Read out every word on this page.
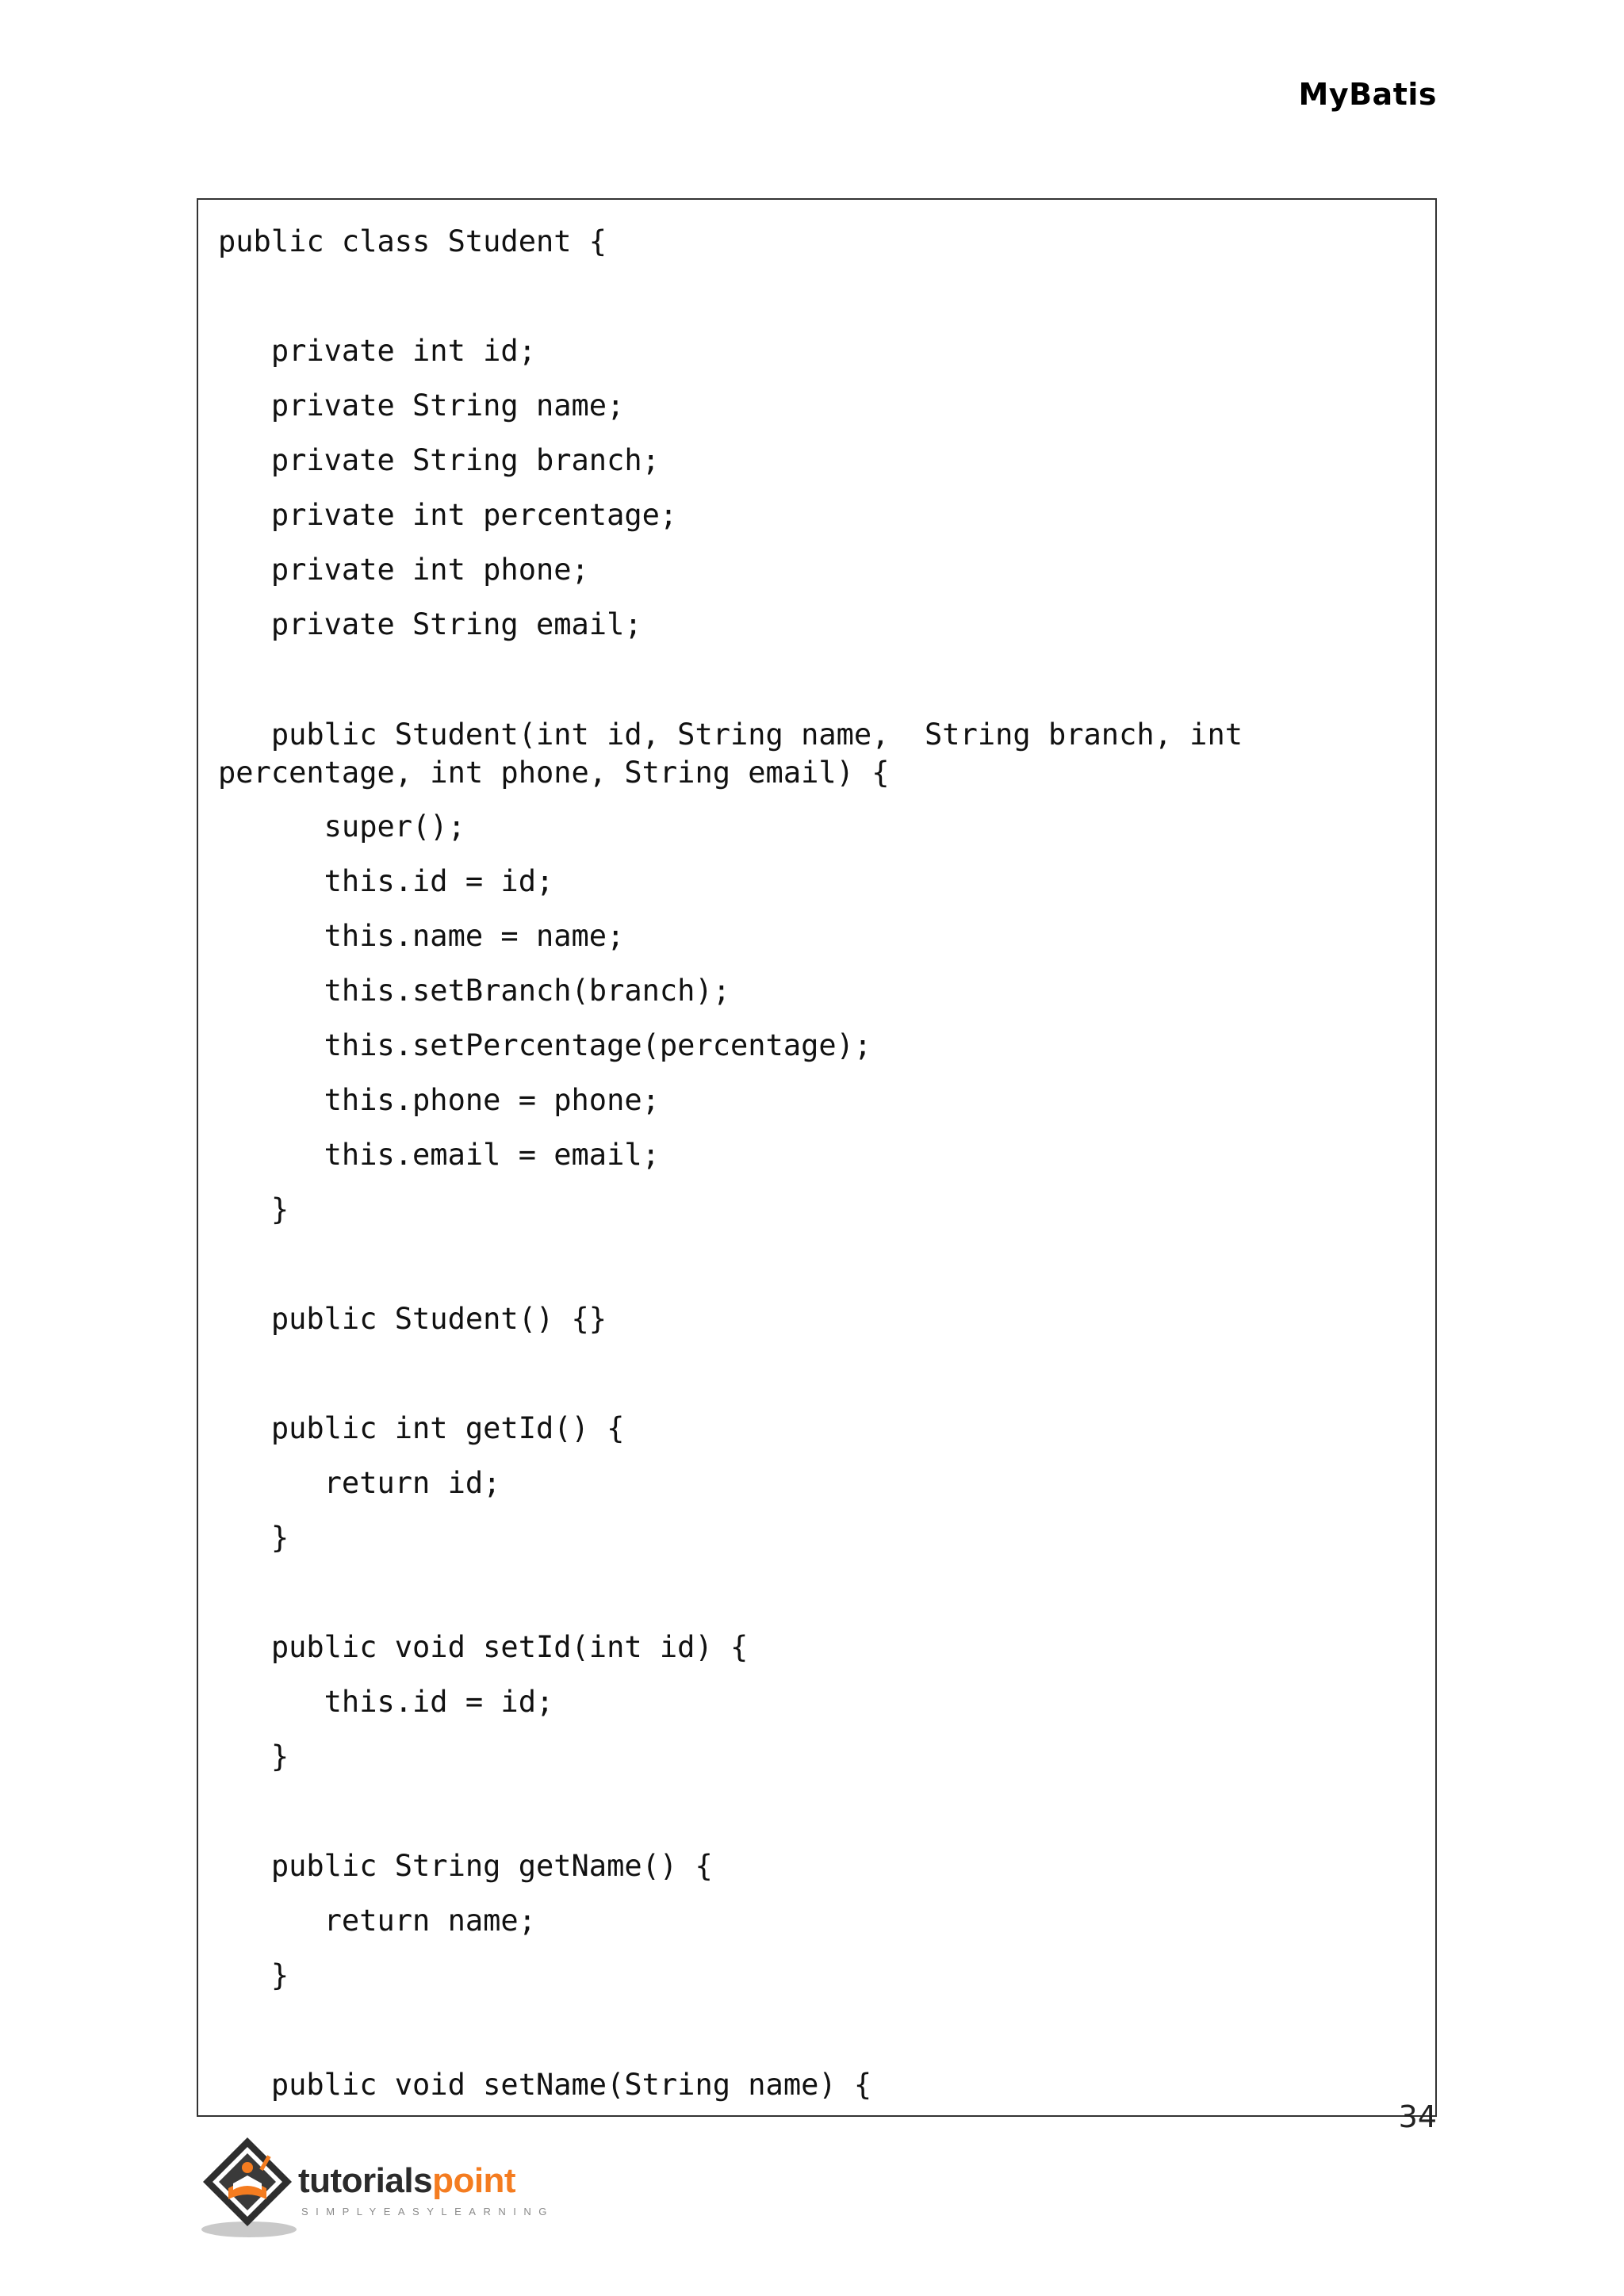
MyBatis
public class Student {
private int id;
private String name;
private String branch;
private int percentage;
private int phone;
private String email;
public Student(int id, String name,  String branch, int percentage, int phone, String email) {
super();
this.id = id;
this.name = name;
this.setBranch(branch);
this.setPercentage(percentage);
this.phone = phone;
this.email = email;
}
public Student() {}
public int getId() {
return id;
}
public void setId(int id) {
this.id = id;
}
public String getName() {
return name;
}
public void setName(String name) {
34
tutorialspoint
SIMPLYEASYLEARNING
